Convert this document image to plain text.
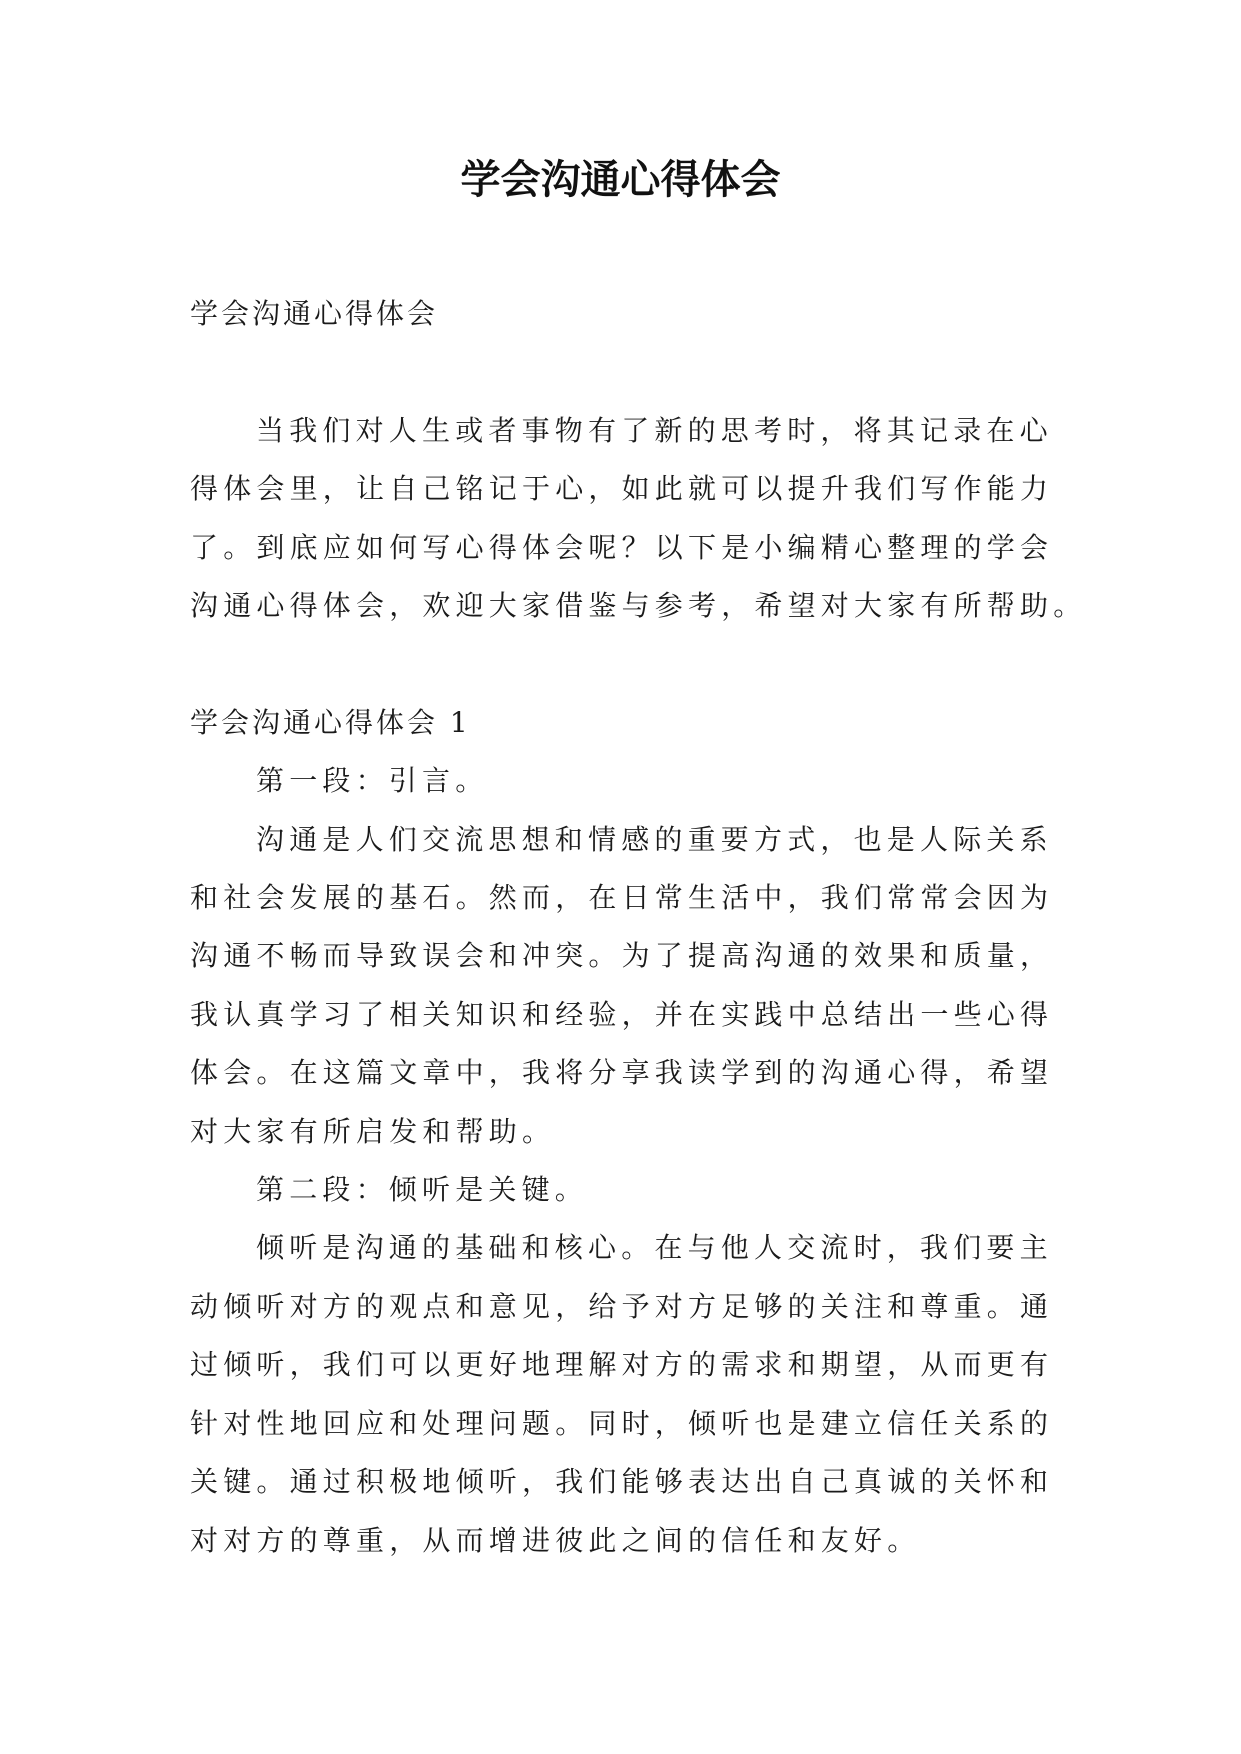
学会沟通心得体会

学会沟通心得体会

当我们对人生或者事物有了新的思考时，将其记录在心

得体会里，让自己铭记于心，如此就可以提升我们写作能力

了。到底应如何写心得体会呢？以下是小编精心整理的学会

沟通心得体会，欢迎大家借鉴与参考，希望对大家有所帮助。

学会沟通心得体会 1

第一段：引言。

沟通是人们交流思想和情感的重要方式，也是人际关系

和社会发展的基石。然而，在日常生活中，我们常常会因为

沟通不畅而导致误会和冲突。为了提高沟通的效果和质量，

我认真学习了相关知识和经验，并在实践中总结出一些心得

体会。在这篇文章中，我将分享我读学到的沟通心得，希望

对大家有所启发和帮助。

第二段：倾听是关键。

倾听是沟通的基础和核心。在与他人交流时，我们要主

动倾听对方的观点和意见，给予对方足够的关注和尊重。通

过倾听，我们可以更好地理解对方的需求和期望，从而更有

针对性地回应和处理问题。同时，倾听也是建立信任关系的

关键。通过积极地倾听，我们能够表达出自己真诚的关怀和

对对方的尊重，从而增进彼此之间的信任和友好。
